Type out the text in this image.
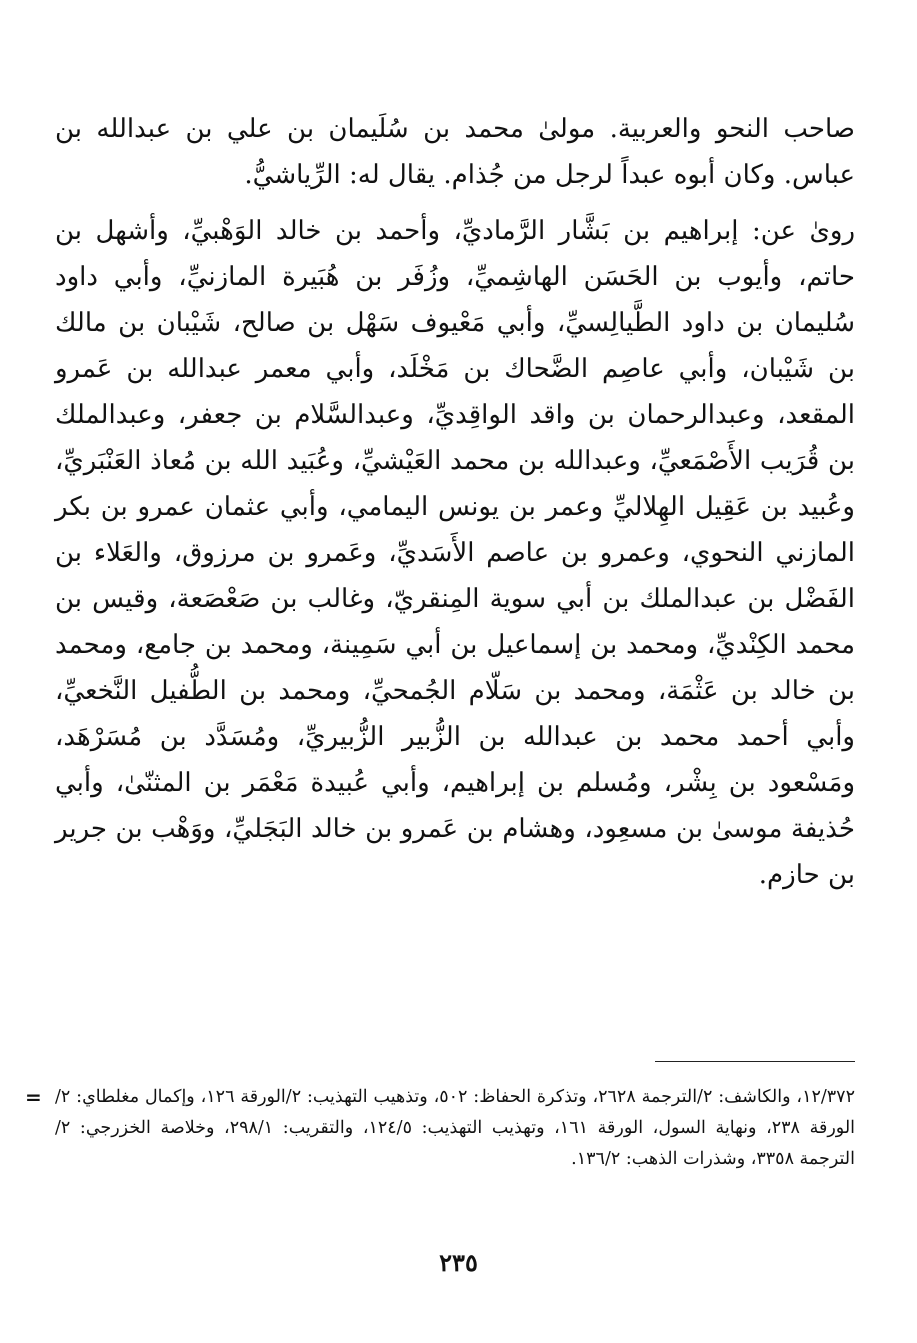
صاحب النحو والعربية. مولىٰ محمد بن سُلَيمان بن علي بن عبدالله بن عباس. وكان أبوه عبداً لرجل من جُذام. يقال له: الرِّياشيُّ.

روىٰ عن: إبراهيم بن بَشَّار الرَّماديِّ، وأحمد بن خالد الوَهْبيِّ، وأشهل بن حاتم، وأيوب بن الحَسَن الهاشِميِّ، وزُفَر بن هُبَيرة المازنيِّ، وأبي داود سُليمان بن داود الطَّيالِسيِّ، وأبي مَعْيوف سَهْل بن صالح، شَيْبان بن مالك بن شَيْبان، وأبي عاصِم الضَّحاك بن مَخْلَد، وأبي معمر عبدالله بن عَمرو المقعد، وعبدالرحمان بن واقد الواقِديِّ، وعبدالسَّلام بن جعفر، وعبدالملك بن قُرَيب الأَصْمَعيِّ، وعبدالله بن محمد العَيْشيِّ، وعُبَيد الله بن مُعاذ العَنْبَريِّ، وعُبيد بن عَقِيل الهِلاليِّ وعمر بن يونس اليمامي، وأبي عثمان عمرو بن بكر المازني النحوي، وعمرو بن عاصم الأَسَديِّ، وعَمرو بن مرزوق، والعَلاء بن الفَضْل بن عبدالملك بن أبي سوية المِنقريّ، وغالب بن صَعْصَعة، وقيس بن محمد الكِنْديِّ، ومحمد بن إسماعيل بن أبي سَمِينة، ومحمد بن جامع، ومحمد بن خالد بن عَثْمَة، ومحمد بن سَلّام الجُمحيِّ، ومحمد بن الطُّفيل النَّخعيِّ، وأبي أحمد محمد بن عبدالله بن الزُّبير الزُّبيريِّ، ومُسَدَّد بن مُسَرْهَد، ومَسْعود بن بِشْر، ومُسلم بن إبراهيم، وأبي عُبيدة مَعْمَر بن المثنّىٰ، وأبي حُذيفة موسىٰ بن مسعِود، وهشام بن عَمرو بن خالد البَجَليِّ، ووَهْب بن جرير بن حازم.

= ١٢/٣٧٢، والكاشف: ٢/الترجمة ٢٦٢٨، وتذكرة الحفاظ: ٥٠٢، وتذهيب التهذيب: ٢/الورقة ١٢٦، وإكمال مغلطاي: ٢/الورقة ٢٣٨، ونهاية السول، الورقة ١٦١، وتهذيب التهذيب: ١٢٤/٥، والتقريب: ٢٩٨/١، وخلاصة الخزرجي: ٢/الترجمة ٣٣٥٨، وشذرات الذهب: ١٣٦/٢.

٢٣٥
